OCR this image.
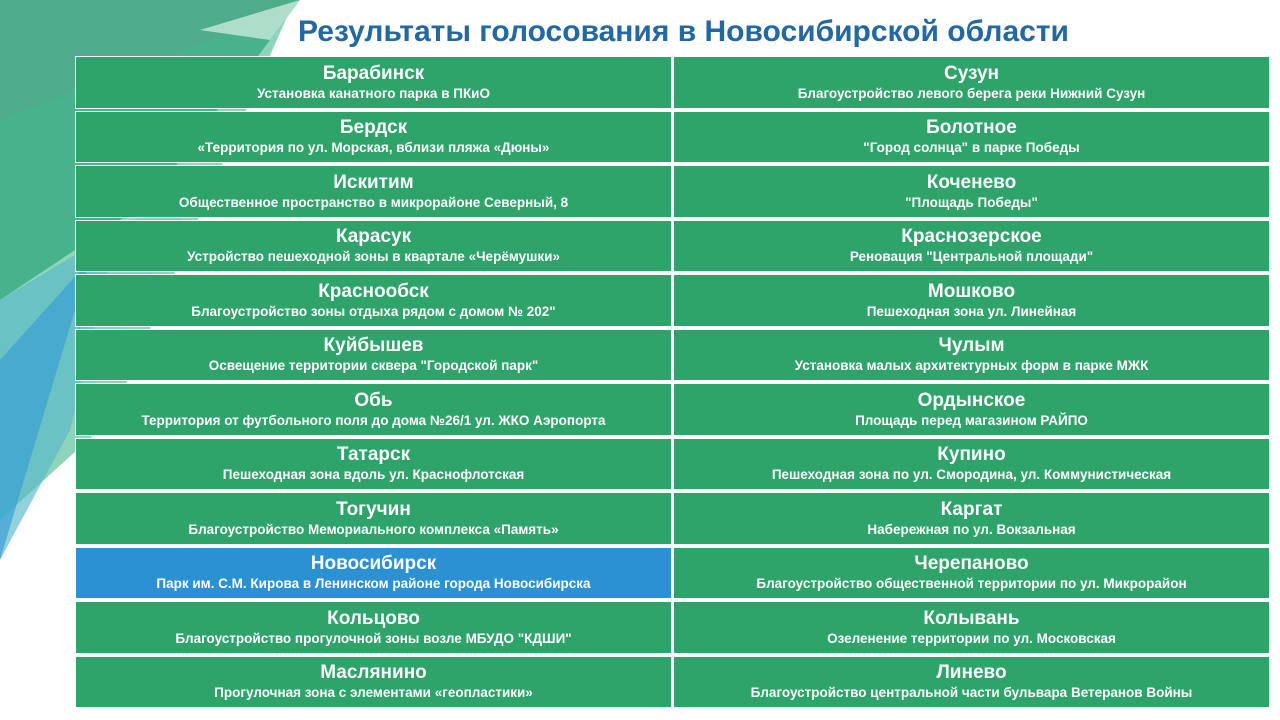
Результаты голосования в Новосибирской области
Барабинск
Установка канатного парка в ПКиО
Бердск
«Территория по ул. Морская, вблизи пляжа «Дюны»
Искитим
Общественное пространство в микрорайоне Северный, 8
Карасук
Устройство пешеходной зоны в квартале «Черёмушки»
Краснообск
Благоустройство зоны отдыха рядом с домом № 202"
Куйбышев
Освещение территории сквера "Городской парк"
Обь
Территория от футбольного поля до дома №26/1 ул. ЖКО Аэропорта
Татарск
Пешеходная зона вдоль ул. Краснофлотская
Тогучин
Благоустройство Мемориального комплекса «Память»
Новосибирск
Парк им. С.М. Кирова в Ленинском районе города Новосибирска
Кольцово
Благоустройство прогулочной зоны возле МБУДО "КДШИ"
Маслянино
Прогулочная зона с элементами «геопластики»
Сузун
Благоустройство левого берега реки Нижний Сузун
Болотное
"Город солнца" в парке Победы
Коченево
"Площадь Победы"
Краснозерское
Реновация "Центральной площади"
Мошково
Пешеходная зона ул. Линейная
Чулым
Установка малых архитектурных форм в парке МЖК
Ордынское
Площадь перед магазином РАЙПО
Купино
Пешеходная зона по ул. Смородина, ул. Коммунистическая
Каргат
Набережная по ул. Вокзальная
Черепаново
Благоустройство общественной территории по ул. Микрорайон
Колывань
Озеленение территории по ул. Московская
Линево
Благоустройство центральной части бульвара Ветеранов Войны
